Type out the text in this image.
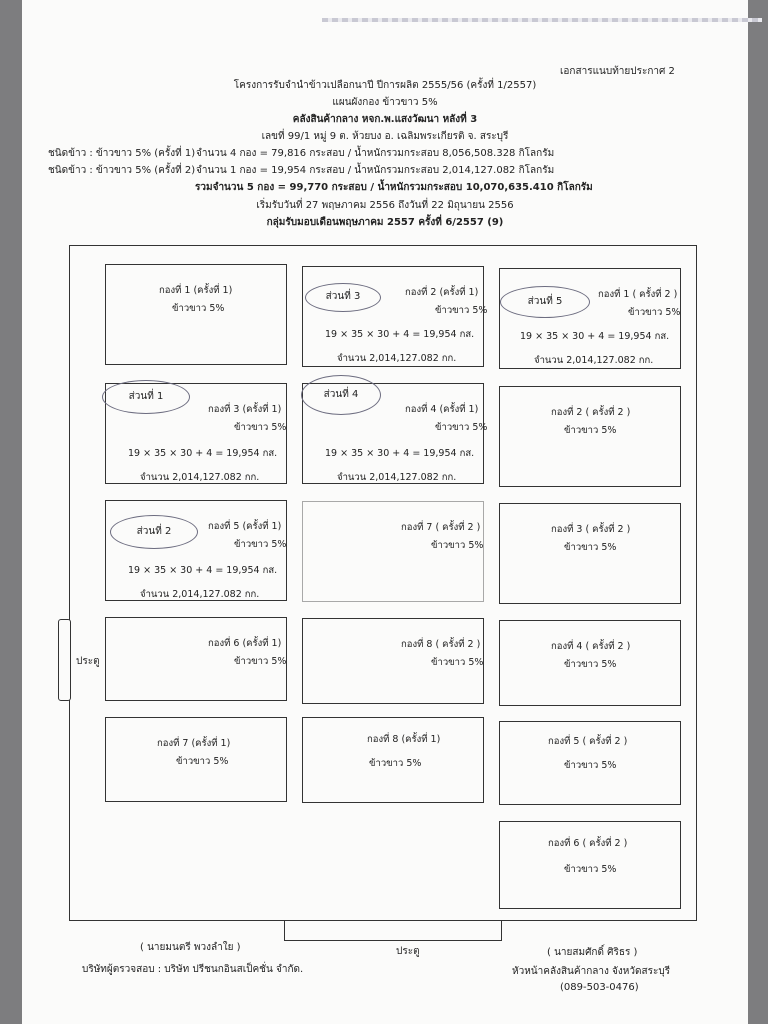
เอกสารแนบท้ายประกาศ 2
โครงการรับจำนำข้าวเปลือกนาปี ปีการผลิต 2555/56 (ครั้งที่ 1/2557)
แผนผังกอง ข้าวขาว 5%
คลังสินค้ากลาง หจก.พ.แสงวัฒนา หลังที่ 3
เลขที่ 99/1 หมู่ 9 ต. ห้วยบง อ. เฉลิมพระเกียรติ จ. สระบุรี
ชนิดข้าว : ข้าวขาว 5% (ครั้งที่ 1) จำนวน 4 กอง = 79,816 กระสอบ / น้ำหนักรวมกระสอบ 8,056,508.328 กิโลกรัม
ชนิดข้าว : ข้าวขาว 5% (ครั้งที่ 2) จำนวน 1 กอง = 19,954 กระสอบ / น้ำหนักรวมกระสอบ 2,014,127.082 กิโลกรัม
รวมจำนวน 5 กอง = 99,770 กระสอบ / น้ำหนักรวมกระสอบ 10,070,635.410 กิโลกรัม
เริ่มรับวันที่ 27 พฤษภาคม 2556 ถึงวันที่ 22 มิถุนายน 2556
กลุ่มรับมอบเดือนพฤษภาคม 2557 ครั้งที่ 6/2557 (9)
ประตู
ประตู
กองที่ 1 (ครั้งที่ 1)
ข้าวขาว 5%
ส่วนที่ 3	กองที่ 2 (ครั้งที่ 1)
ข้าวขาว 5%
19 × 35 × 30 + 4 = 19,954 กส.
จำนวน 2,014,127.082 กก.
ส่วนที่ 5
กองที่ 1 ( ครั้งที่ 2 )
ข้าวขาว 5%
19 × 35 × 30 + 4 = 19,954 กส.
จำนวน 2,014,127.082 กก.
ส่วนที่ 1
กองที่ 3 (ครั้งที่ 1)
ข้าวขาว 5%
19 × 35 × 30 + 4 = 19,954 กส.
จำนวน 2,014,127.082 กก.
ส่วนที่ 4
กองที่ 4 (ครั้งที่ 1)
ข้าวขาว 5%
19 × 35 × 30 + 4 = 19,954 กส.
จำนวน 2,014,127.082 กก.
กองที่ 2 ( ครั้งที่ 2 )
ข้าวขาว 5%
ส่วนที่ 2	กองที่ 5 (ครั้งที่ 1)
ข้าวขาว 5%
19 × 35 × 30 + 4 = 19,954 กส.
จำนวน 2,014,127.082 กก.
กองที่ 7 ( ครั้งที่ 2 )
ข้าวขาว 5%
กองที่ 3 ( ครั้งที่ 2 )
ข้าวขาว 5%
กองที่ 6 (ครั้งที่ 1)
ข้าวขาว 5%
กองที่ 8 ( ครั้งที่ 2 )
ข้าวขาว 5%
กองที่ 4 ( ครั้งที่ 2 )
ข้าวขาว 5%
กองที่ 7 (ครั้งที่ 1)
ข้าวขาว 5%
กองที่ 8 (ครั้งที่ 1)
ข้าวขาว 5%
กองที่ 5 ( ครั้งที่ 2 )
ข้าวขาว 5%
กองที่ 6 ( ครั้งที่ 2 )
ข้าวขาว 5%
( นายมนตรี พวงลำใย )
บริษัทผู้ตรวจสอบ : บริษัท ปรีชนกอินสเป็คชั่น จำกัด.
( นายสมศักดิ์ ศิริธร )
หัวหน้าคลังสินค้ากลาง จังหวัดสระบุรี
(089-503-0476)
